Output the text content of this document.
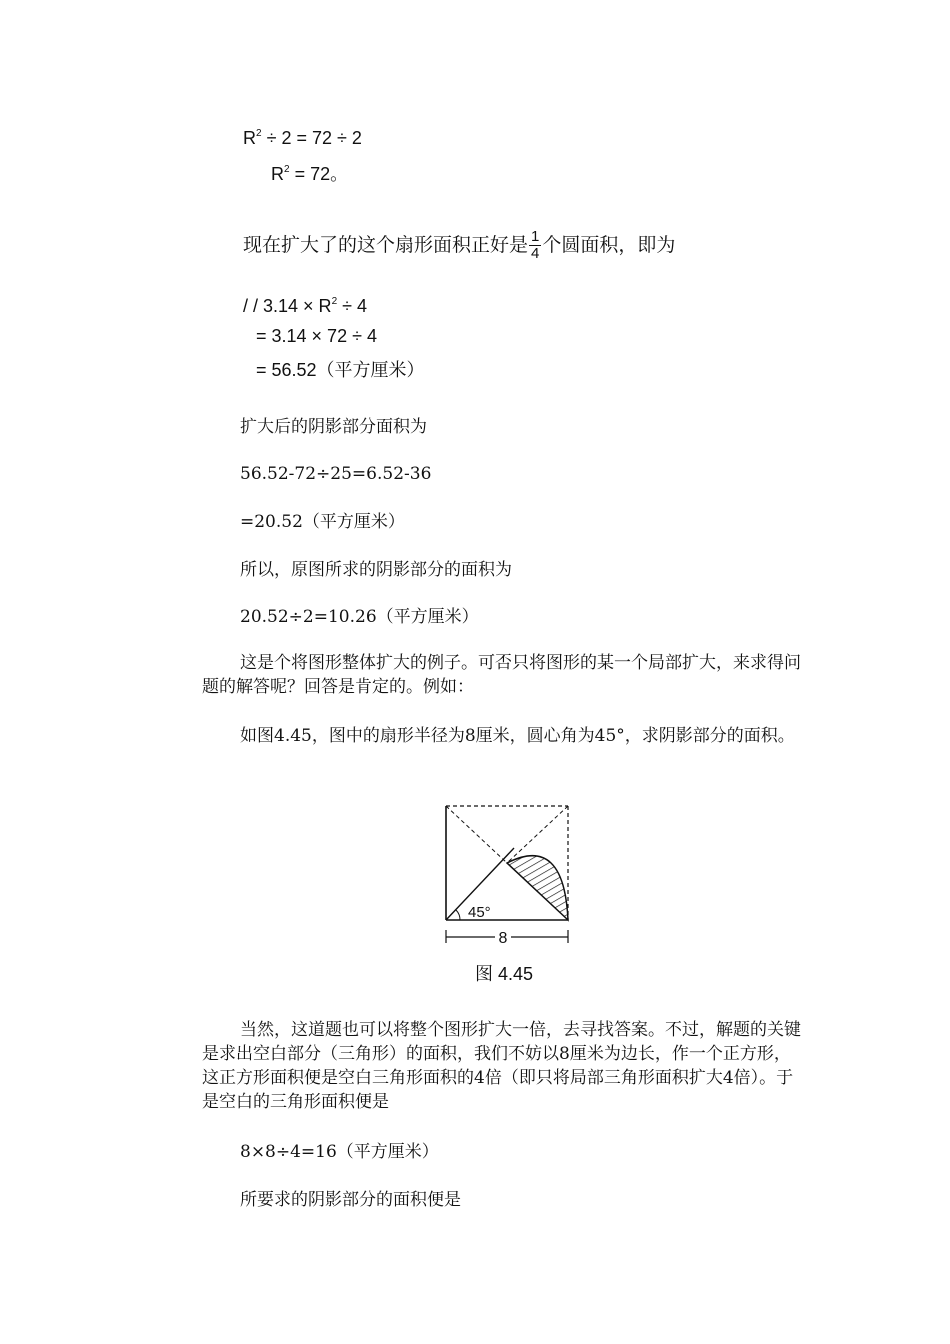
$R^2 \div 2 = 72 \div 2$
$R^2 = 72$。
现在扩大了的这个扇形面积正好是 $\frac{1}{4}$ 个圆面积，即为
/ / $3.14 \times R^2 \div 4$
= 3.14 × 72 ÷ 4
= 56.52（平方厘米）
扩大后的阴影部分面积为
56.52-72÷25=6.52-36
=20.52（平方厘米）
所以，原图所求的阴影部分的面积为
20.52÷2=10.26（平方厘米）
这是个将图形整体扩大的例子。可否只将图形的某一个局部扩大，来求得问题的解答呢？回答是肯定的。例如：
如图4.45，图中的扇形半径为8厘米，圆心角为45°，求阴影部分的面积。
45°
8
图 4.45
当然，这道题也可以将整个图形扩大一倍，去寻找答案。不过，解题的关键是求出空白部分（三角形）的面积，我们不妨以8厘米为边长，作一个正方形，这正方形面积便是空白三角形面积的4倍（即只将局部三角形面积扩大4倍）。于是空白的三角形面积便是
8×8÷4=16（平方厘米）
所要求的阴影部分的面积便是
